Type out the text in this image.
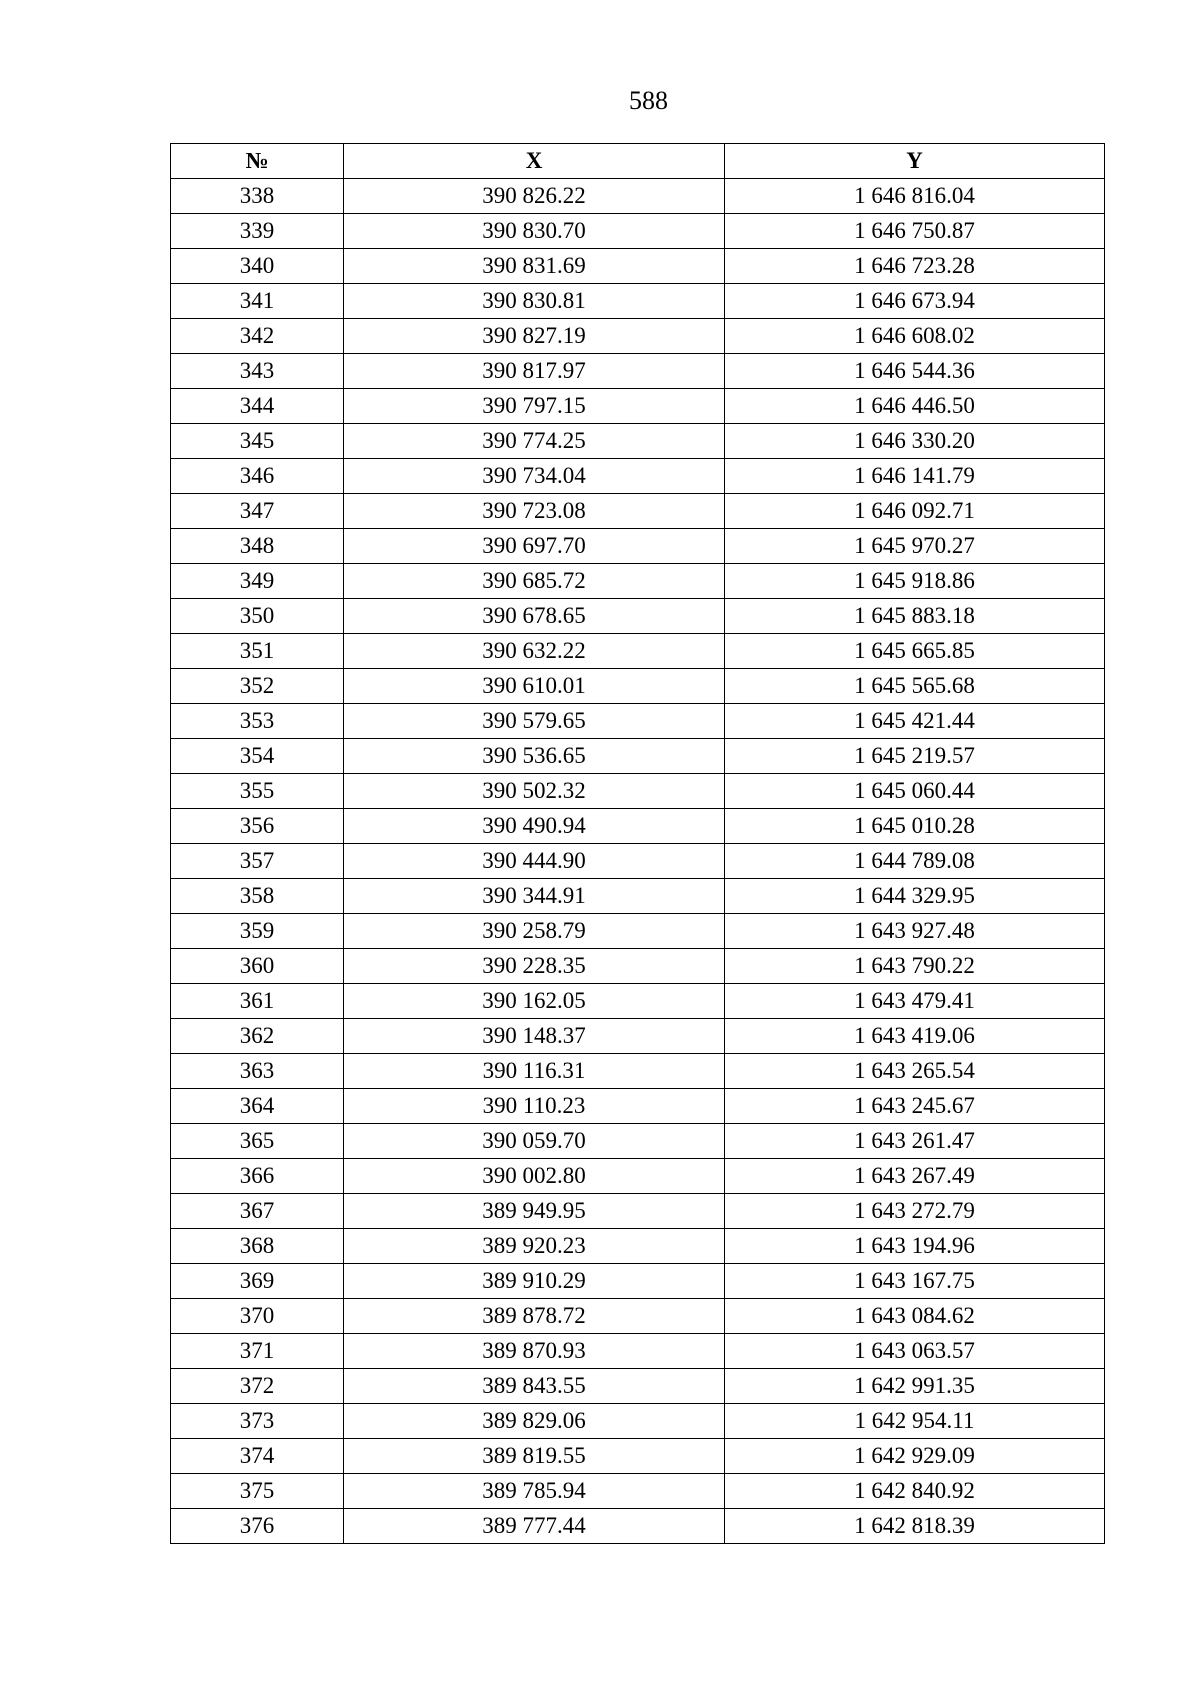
588
№	X	Y
338	390 826.22	1 646 816.04
339	390 830.70	1 646 750.87
340	390 831.69	1 646 723.28
341	390 830.81	1 646 673.94
342	390 827.19	1 646 608.02
343	390 817.97	1 646 544.36
344	390 797.15	1 646 446.50
345	390 774.25	1 646 330.20
346	390 734.04	1 646 141.79
347	390 723.08	1 646 092.71
348	390 697.70	1 645 970.27
349	390 685.72	1 645 918.86
350	390 678.65	1 645 883.18
351	390 632.22	1 645 665.85
352	390 610.01	1 645 565.68
353	390 579.65	1 645 421.44
354	390 536.65	1 645 219.57
355	390 502.32	1 645 060.44
356	390 490.94	1 645 010.28
357	390 444.90	1 644 789.08
358	390 344.91	1 644 329.95
359	390 258.79	1 643 927.48
360	390 228.35	1 643 790.22
361	390 162.05	1 643 479.41
362	390 148.37	1 643 419.06
363	390 116.31	1 643 265.54
364	390 110.23	1 643 245.67
365	390 059.70	1 643 261.47
366	390 002.80	1 643 267.49
367	389 949.95	1 643 272.79
368	389 920.23	1 643 194.96
369	389 910.29	1 643 167.75
370	389 878.72	1 643 084.62
371	389 870.93	1 643 063.57
372	389 843.55	1 642 991.35
373	389 829.06	1 642 954.11
374	389 819.55	1 642 929.09
375	389 785.94	1 642 840.92
376	389 777.44	1 642 818.39
